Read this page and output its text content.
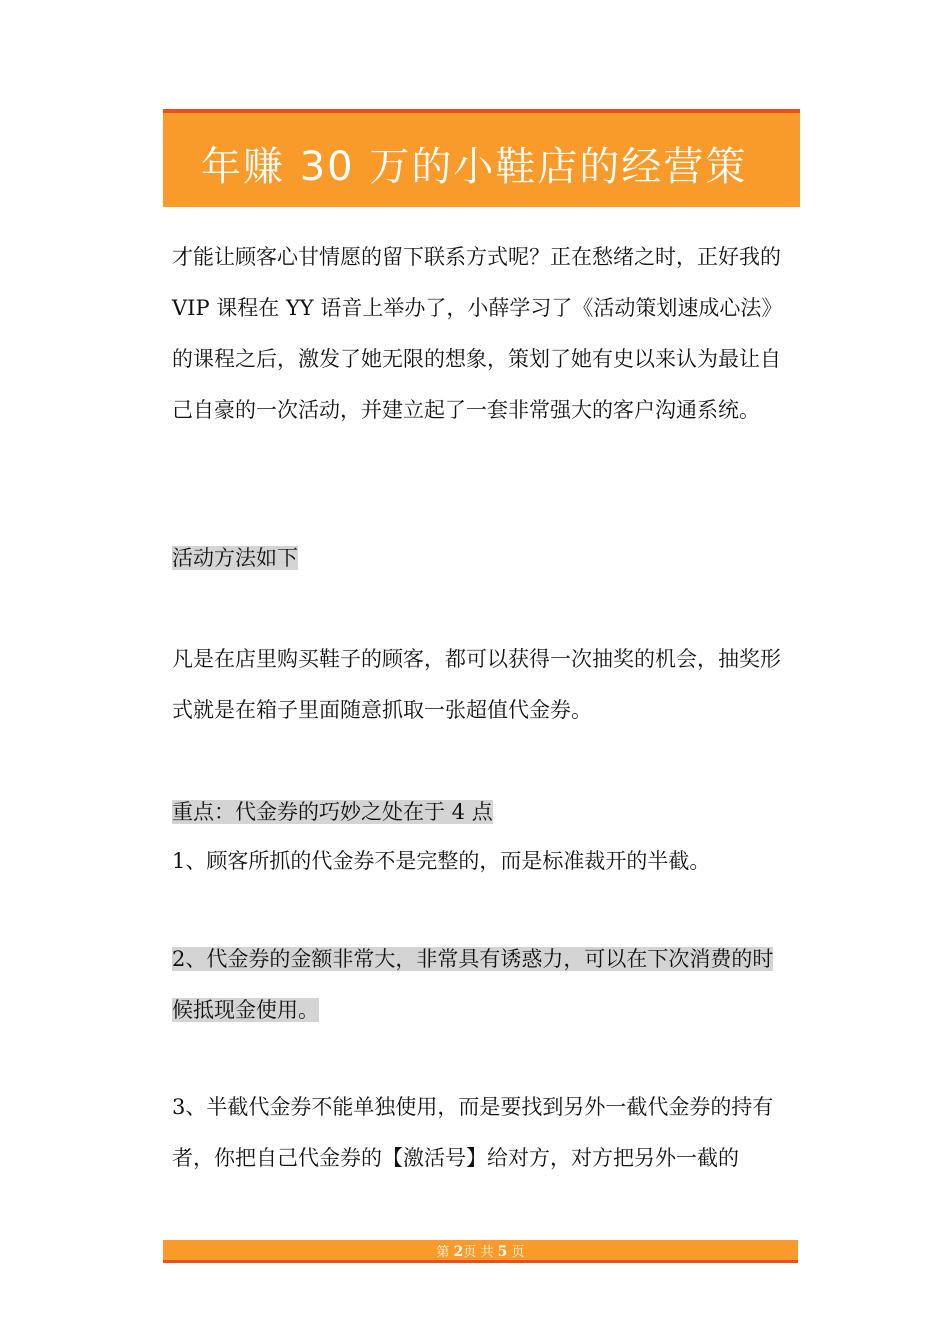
年赚 30 万的小鞋店的经营策

才能让顾客心甘情愿的留下联系方式呢？正在愁绪之时，正好我的 VIP 课程在 YY 语音上举办了，小薛学习了《活动策划速成心法》的课程之后，激发了她无限的想象，策划了她有史以来认为最让自己自豪的一次活动，并建立起了一套非常强大的客户沟通系统。

活动方法如下

凡是在店里购买鞋子的顾客，都可以获得一次抽奖的机会，抽奖形式就是在箱子里面随意抓取一张超值代金券。

重点：代金券的巧妙之处在于 4 点

1、顾客所抓的代金券不是完整的，而是标准裁开的半截。

2、代金券的金额非常大，非常具有诱惑力，可以在下次消费的时候抵现金使用。

3、半截代金券不能单独使用，而是要找到另外一截代金券的持有者，你把自己代金券的【激活号】给对方，对方把另外一截的

第 2页 共 5 页
